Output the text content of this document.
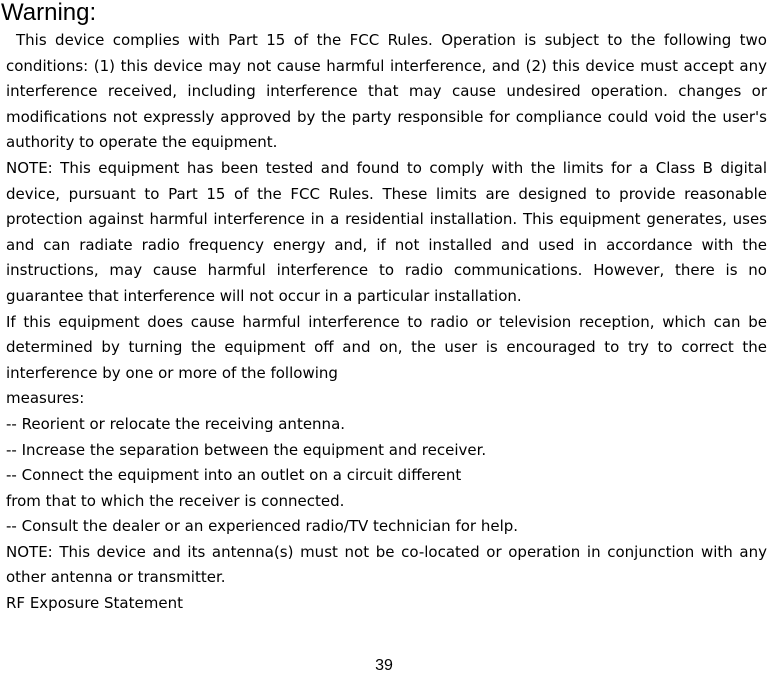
Warning:

This device complies with Part 15 of the FCC Rules. Operation is subject to the following two conditions: (1) this device may not cause harmful interference, and (2) this device must accept any interference received, including interference that may cause undesired operation. changes or modifications not expressly approved by the party responsible for compliance could void the user's authority to operate the equipment.

NOTE: This equipment has been tested and found to comply with the limits for a Class B digital device, pursuant to Part 15 of the FCC Rules. These limits are designed to provide reasonable protection against harmful interference in a residential installation. This equipment generates, uses and can radiate radio frequency energy and, if not installed and used in accordance with the instructions, may cause harmful interference to radio communications. However, there is no guarantee that interference will not occur in a particular installation.

If this equipment does cause harmful interference to radio or television reception, which can be determined by turning the equipment off and on, the user is encouraged to try to correct the interference by one or more of the following

measures:

-- Reorient or relocate the receiving antenna.

-- Increase the separation between the equipment and receiver.

-- Connect the equipment into an outlet on a circuit different

from that to which the receiver is connected.

-- Consult the dealer or an experienced radio/TV technician for help.

NOTE: This device and its antenna(s) must not be co-located or operation in conjunction with any other antenna or transmitter.

RF Exposure Statement

39
